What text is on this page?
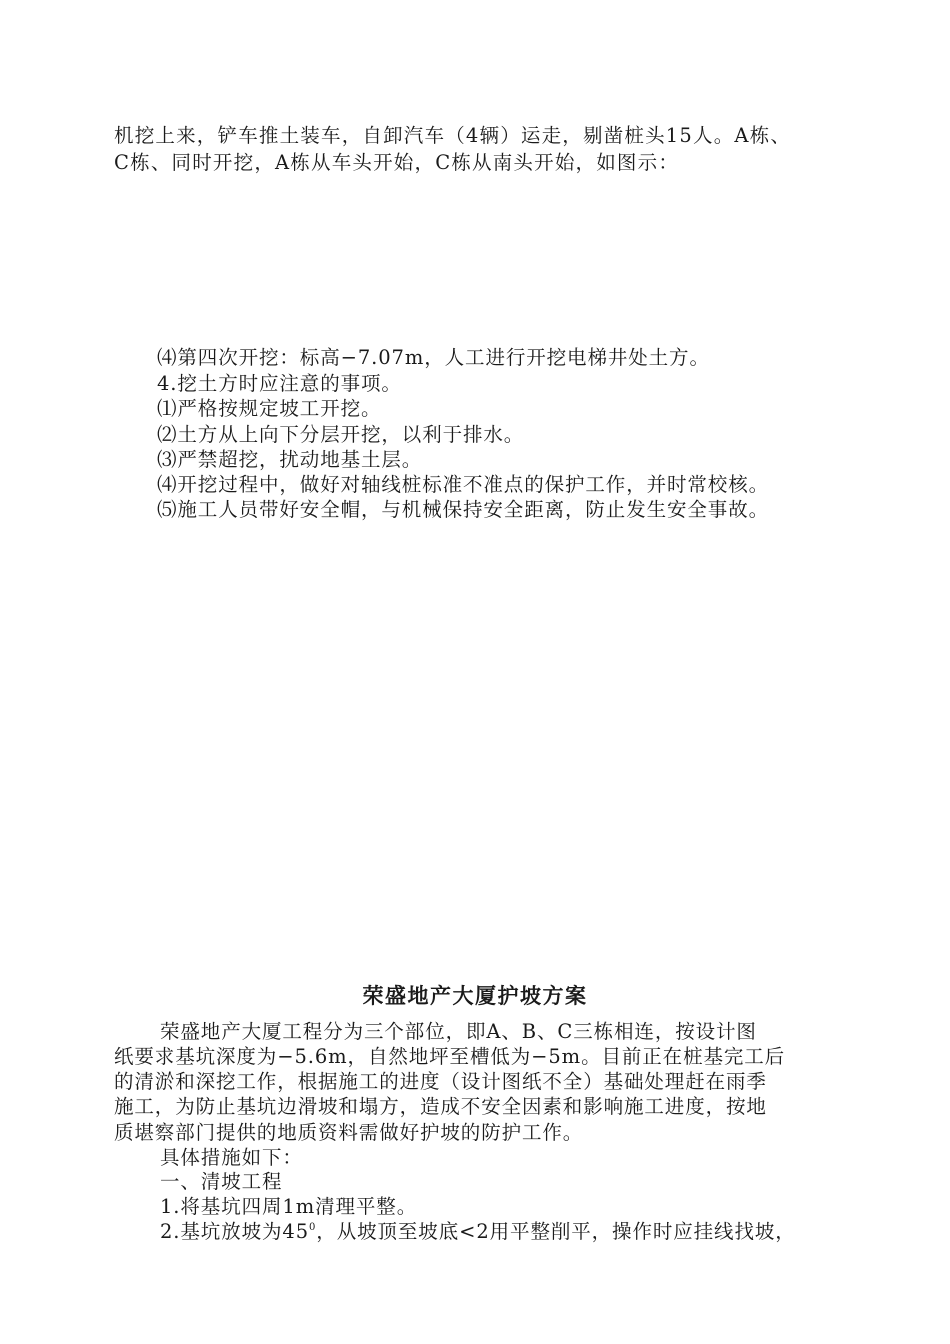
机挖上来，铲车推土装车，自卸汽车（4辆）运走，剔凿桩头15人。A栋、
C栋、同时开挖，A栋从车头开始，C栋从南头开始，如图示：
⑷第四次开挖：标高−7.07m，人工进行开挖电梯井处土方。
4.挖土方时应注意的事项。
⑴严格按规定坡工开挖。
⑵土方从上向下分层开挖，以利于排水。
⑶严禁超挖，扰动地基土层。
⑷开挖过程中，做好对轴线桩标准不准点的保护工作，并时常校核。
⑸施工人员带好安全帽，与机械保持安全距离，防止发生安全事故。
荣盛地产大厦护坡方案
荣盛地产大厦工程分为三个部位，即A、B、C三栋相连，按设计图
纸要求基坑深度为−5.6m，自然地坪至槽低为−5m。目前正在桩基完工后
的清淤和深挖工作，根据施工的进度（设计图纸不全）基础处理赶在雨季
施工，为防止基坑边滑坡和塌方，造成不安全因素和影响施工进度，按地
质堪察部门提供的地质资料需做好护坡的防护工作。
具体措施如下：
一、清坡工程
1.将基坑四周1m清理平整。
2.基坑放坡为$45^0$，从坡顶至坡底<2用平整削平，操作时应挂线找坡，
